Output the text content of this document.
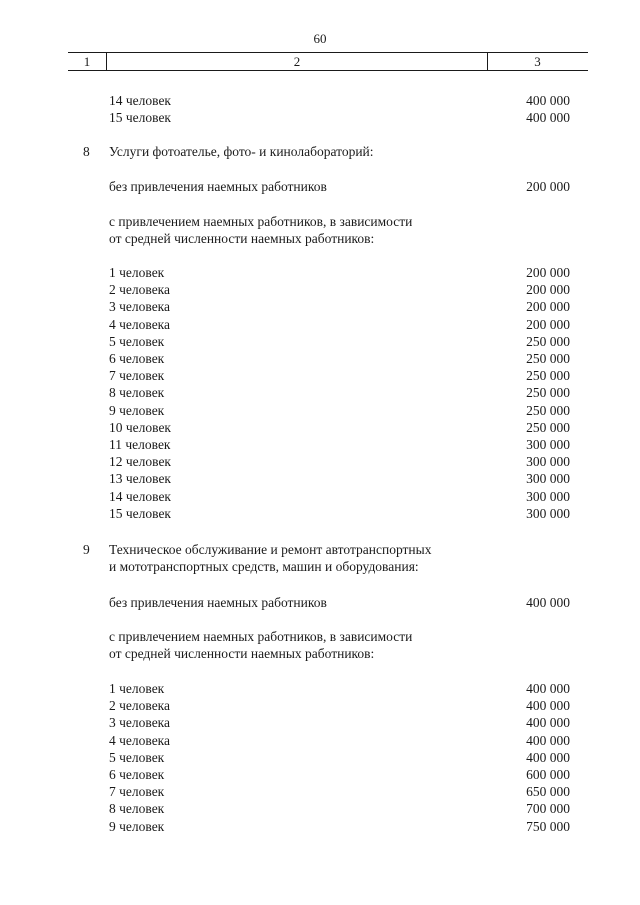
60
1	2	3
14 человек	400 000
15 человек	400 000
8 Услуги фотоателье, фото- и кинолабораторий:
без привлечения наемных работников	200 000
с привлечением наемных работников, в зависимости
от средней численности наемных работников:
1 человек	200 000
2 человека	200 000
3 человека	200 000
4 человека	200 000
5 человек	250 000
6 человек	250 000
7 человек	250 000
8 человек	250 000
9 человек	250 000
10 человек	250 000
11 человек	300 000
12 человек	300 000
13 человек	300 000
14 человек	300 000
15 человек	300 000
9 Техническое обслуживание и ремонт автотранспортных
и мототранспортных средств, машин и оборудования:
без привлечения наемных работников	400 000
с привлечением наемных работников, в зависимости
от средней численности наемных работников:
1 человек	400 000
2 человека	400 000
3 человека	400 000
4 человека	400 000
5 человек	400 000
6 человек	600 000
7 человек	650 000
8 человек	700 000
9 человек	750 000
